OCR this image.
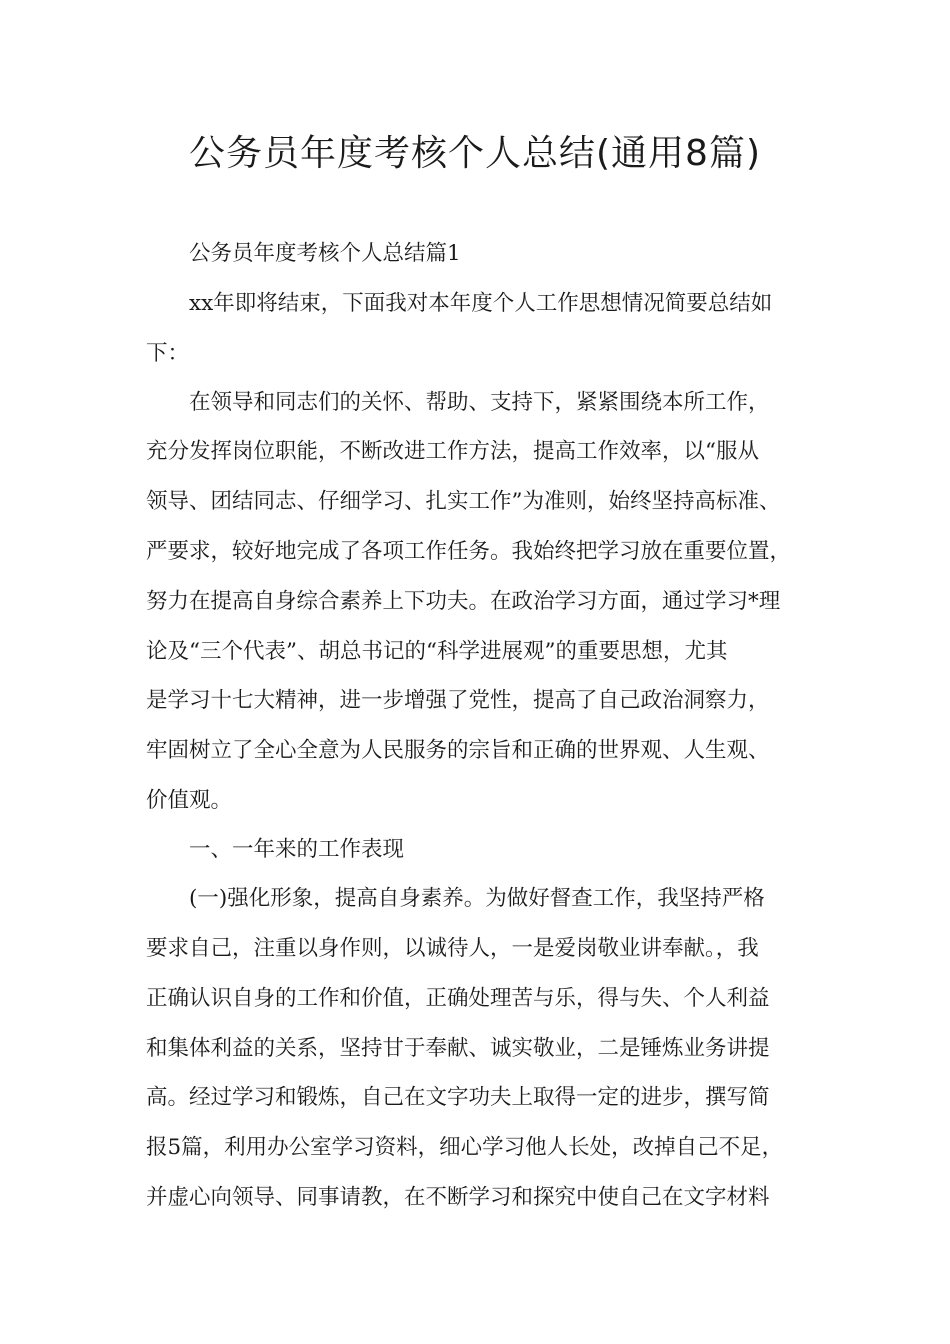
公务员年度考核个人总结(通用8篇)

公务员年度考核个人总结篇1

xx年即将结束，下面我对本年度个人工作思想情况简要总结如

下：

在领导和同志们的关怀、帮助、支持下，紧紧围绕本所工作，

充分发挥岗位职能，不断改进工作方法，提高工作效率，以“服从

领导、团结同志、仔细学习、扎实工作”为准则，始终坚持高标准、

严要求，较好地完成了各项工作任务。我始终把学习放在重要位置，

努力在提高自身综合素养上下功夫。在政治学习方面，通过学习*理

论及“三个代表”、胡总书记的“科学进展观”的重要思想，尤其

是学习十七大精神，进一步增强了党性，提高了自己政治洞察力，

牢固树立了全心全意为人民服务的宗旨和正确的世界观、人生观、

价值观。

一、一年来的工作表现

(一)强化形象，提高自身素养。为做好督查工作，我坚持严格

要求自己，注重以身作则，以诚待人，一是爱岗敬业讲奉献。，我

正确认识自身的工作和价值，正确处理苦与乐，得与失、个人利益

和集体利益的关系，坚持甘于奉献、诚实敬业，二是锤炼业务讲提

高。经过学习和锻炼，自己在文字功夫上取得一定的进步，撰写简

报5篇，利用办公室学习资料，细心学习他人长处，改掉自己不足，

并虚心向领导、同事请教，在不断学习和探究中使自己在文字材料
